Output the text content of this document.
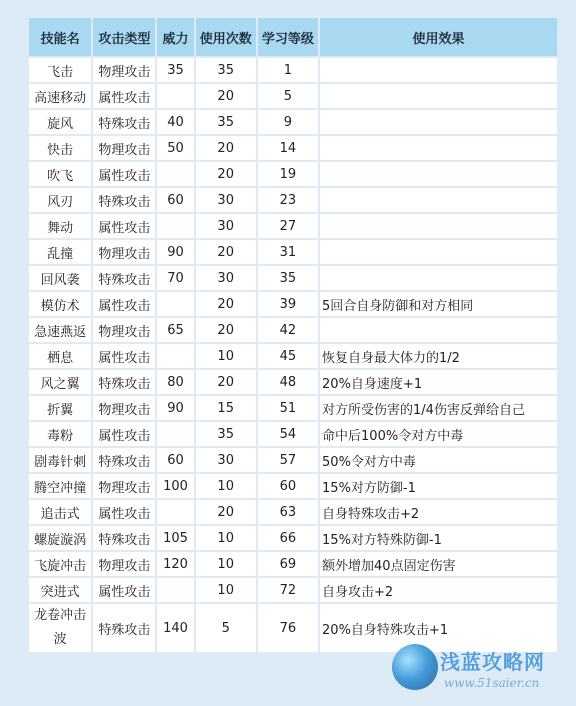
技能名	攻击类型	威力	使用次数	学习等级	使用效果
飞击	物理攻击	35	35	1	
高速移动	属性攻击		20	5	
旋风	特殊攻击	40	35	9	
快击	物理攻击	50	20	14	
吹飞	属性攻击		20	19	
风刃	特殊攻击	60	30	23	
舞动	属性攻击		30	27	
乱撞	物理攻击	90	20	31	
回风袭	特殊攻击	70	30	35	
模仿术	属性攻击		20	39	5回合自身防御和对方相同
急速燕返	物理攻击	65	20	42	
栖息	属性攻击		10	45	恢复自身最大体力的1/2
风之翼	特殊攻击	80	20	48	20%自身速度+1
折翼	物理攻击	90	15	51	对方所受伤害的1/4伤害反弹给自己
毒粉	属性攻击		35	54	命中后100%令对方中毒
剧毒针刺	特殊攻击	60	30	57	50%令对方中毒
腾空冲撞	物理攻击	100	10	60	15%对方防御-1
追击式	属性攻击		20	63	自身特殊攻击+2
螺旋漩涡	特殊攻击	105	10	66	15%对方特殊防御-1
飞旋冲击	物理攻击	120	10	69	额外增加40点固定伤害
突进式	属性攻击		10	72	自身攻击+2
龙卷冲击波	特殊攻击	140	5	76	20%自身特殊攻击+1
浅蓝攻略网
www.51saier.cn
